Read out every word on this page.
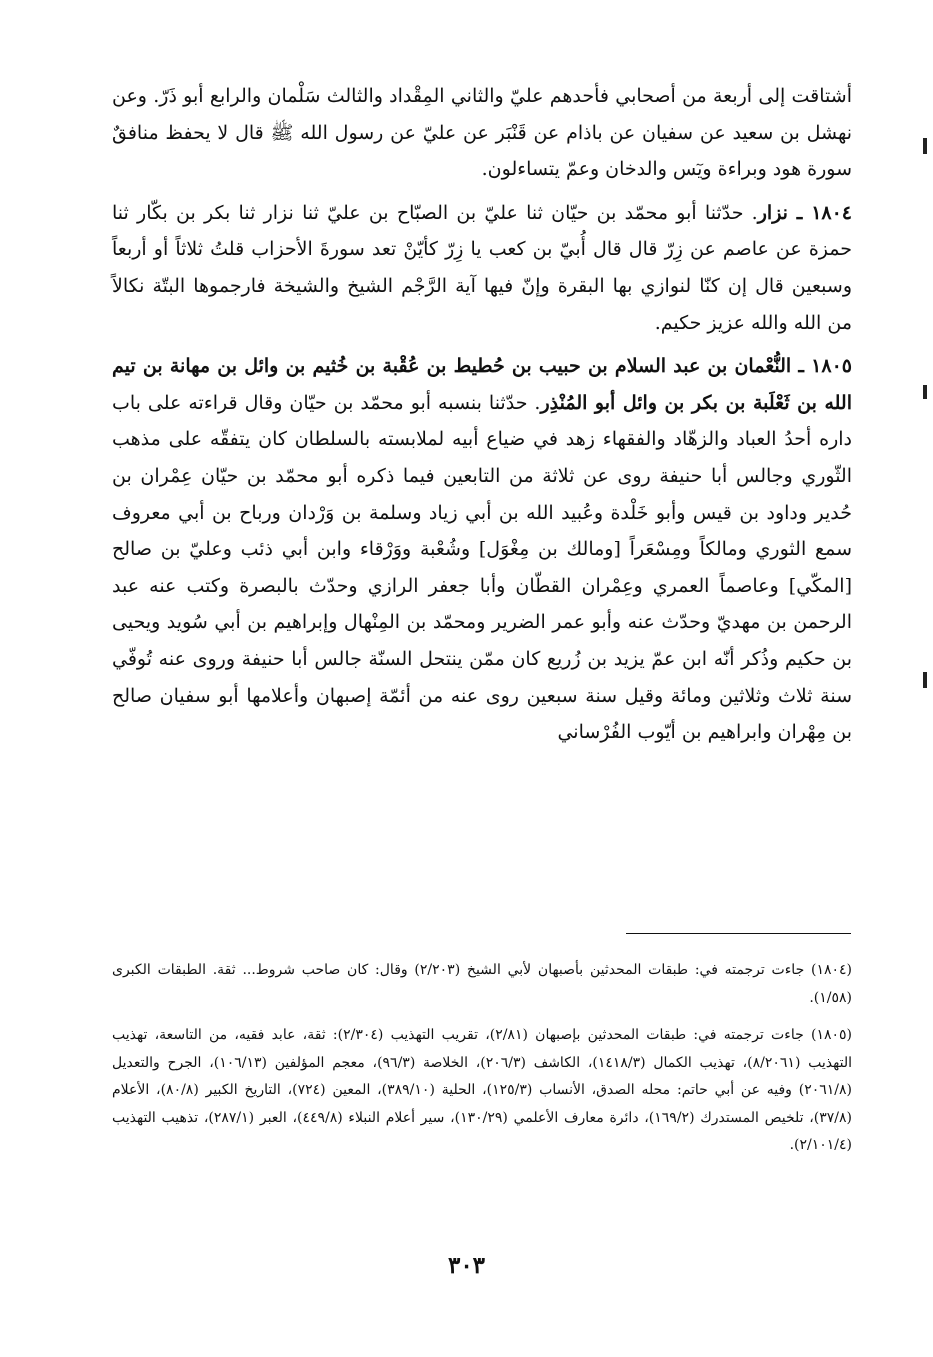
أشتاقت إلى أربعة من أصحابي فأحدهم عليّ والثاني المِقْداد والثالث سَلْمان والرابع أبو ذَرّ. وعن نهشل بن سعيد عن سفيان عن باذام عن قَنْبَر عن عليّ عن رسول الله ﷺ قال لا يحفظ منافقٌ سورة هود وبراءة ويٓس والدخان وعمّ يتساءلون.

١٨٠٤ ـ نزار. حدّثنا أبو محمّد بن حيّان ثنا عليّ بن الصبّاح بن عليّ ثنا نزار ثنا بكر بن بكّار ثنا حمزة عن عاصم عن زِرّ قال قال أُبيّ بن كعب يا زِرّ كأيّنْ تعد سورةَ الأحزاب قلتُ ثلاثاً أو أربعاً وسبعين قال إن كنّا لنوازي بها البقرة وإنّ فيها آية الرَّجْم الشيخ والشيخة فارجموها البتّة نكالاً من الله والله عزيز حكيم.

١٨٠٥ ـ النُّعْمان بن عبد السلام بن حبيب بن حُطيط بن عُقْبة بن خُثيم بن وائل بن مهانة بن تيم الله بن ثَعْلَبة بن بكر بن وائل أبو المُنْذِر. حدّثنا بنسبه أبو محمّد بن حيّان وقال قراءته على باب داره أحدُ العباد والزهّاد والفقهاء زهد في ضياع أبيه لملابسته بالسلطان كان يتفقّه على مذهب الثّوري وجالس أبا حنيفة روى عن ثلاثة من التابعين فيما ذكره أبو محمّد بن حيّان عِمْران بن حُدير وداود بن قيس وأبو خَلْدة وعُبيد الله بن أبي زياد وسلمة بن وَرْدان ورباح بن أبي معروف سمع الثوري ومالكاً ومِسْعَراً [ومالك بن مِغْوَل] وشُعْبة ووَرْقاء وابن أبي ذئب وعليّ بن صالح [المكّي] وعاصماً العمري وعِمْران القطّان وأبا جعفر الرازي وحدّث بالبصرة وكتب عنه عبد الرحمن بن مهديّ وحدّث عنه وأبو عمر الضرير ومحمّد بن المِنْهال وإبراهيم بن أبي سُويد ويحيى بن حكيم وذُكر أنّه ابن عمّ يزيد بن زُريع كان ممّن ينتحل السنّة جالس أبا حنيفة وروى عنه تُوفّي سنة ثلاث وثلاثين ومائة وقيل سنة سبعين روى عنه من أئمّة إصبهان وأعلامها أبو سفيان صالح بن مِهْران وابراهيم بن أيّوب الفُرْساني

(١٨٠٤) جاءت ترجمته في: طبقات المحدثين بأصبهان لأبي الشيخ (٢/٢٠٣) وقال: كان صاحب شروط... ثقة. الطبقات الكبرى (١/٥٨).

(١٨٠٥) جاءت ترجمته في: طبقات المحدثين بإصبهان (٢/٨١)، تقريب التهذيب (٢/٣٠٤): ثقة، عابد فقيه، من التاسعة، تهذيب التهذيب (٨/٢٠٦١)، تهذيب الكمال (١٤١٨/٣)، الكاشف (٢٠٦/٣)، الخلاصة (٩٦/٣)، معجم المؤلفين (١٠٦/١٣)، الجرح والتعديل (٢٠٦١/٨) وفيه عن أبي حاتم: محله الصدق، الأنساب (١٢٥/٣)، الحلية (٣٨٩/١٠)، المعين (٧٢٤)، التاريخ الكبير (٨٠/٨)، الأعلام (٣٧/٨)، تلخيص المستدرك (١٦٩/٢)، دائرة معارف الأعلمي (١٣٠/٢٩)، سير أعلام النبلاء (٤٤٩/٨)، العبر (٢٨٧/١)، تذهيب التهذيب (٢/١٠١/٤).

٣٠٣
